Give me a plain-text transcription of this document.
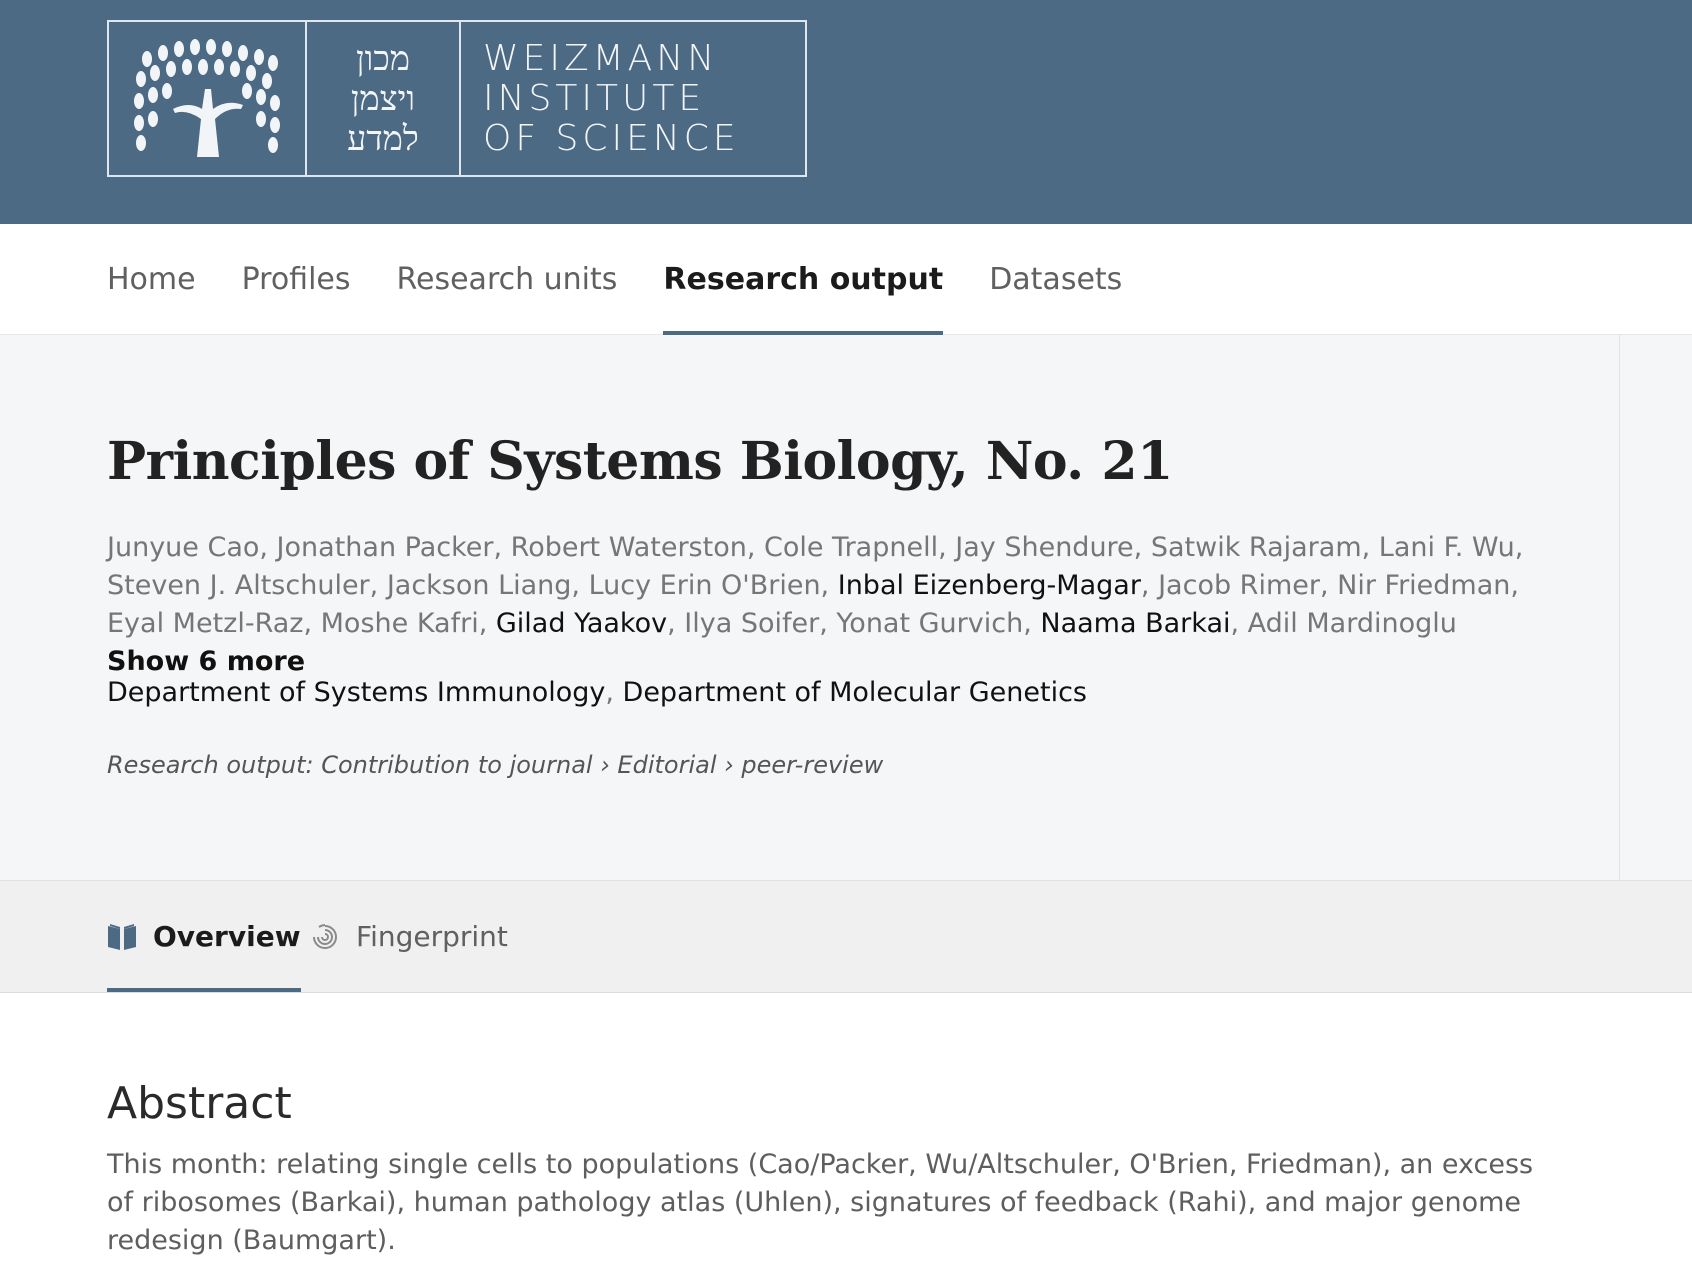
מכון
ויצמן
למדע
WEIZMANN
INSTITUTE
OF SCIENCE
Home Profiles Research units Research output Datasets
Principles of Systems Biology, No. 21

Junyue Cao, Jonathan Packer, Robert Waterston, Cole Trapnell, Jay Shendure, Satwik Rajaram, Lani F. Wu, Steven J. Altschuler, Jackson Liang, Lucy Erin O'Brien, Inbal Eizenberg-Magar, Jacob Rimer, Nir Friedman, Eyal Metzl-Raz, Moshe Kafri, Gilad Yaakov, Ilya Soifer, Yonat Gurvich, Naama Barkai, Adil Mardinoglu Show 6 more

Department of Systems Immunology, Department of Molecular Genetics
Research output: Contribution to journal › Editorial › peer-review
Overview Fingerprint
Abstract

This month: relating single cells to populations (Cao/Packer, Wu/Altschuler, O'Brien, Friedman), an excess of ribosomes (Barkai), human pathology atlas (Uhlen), signatures of feedback (Rahi), and major genome redesign (Baumgart).
